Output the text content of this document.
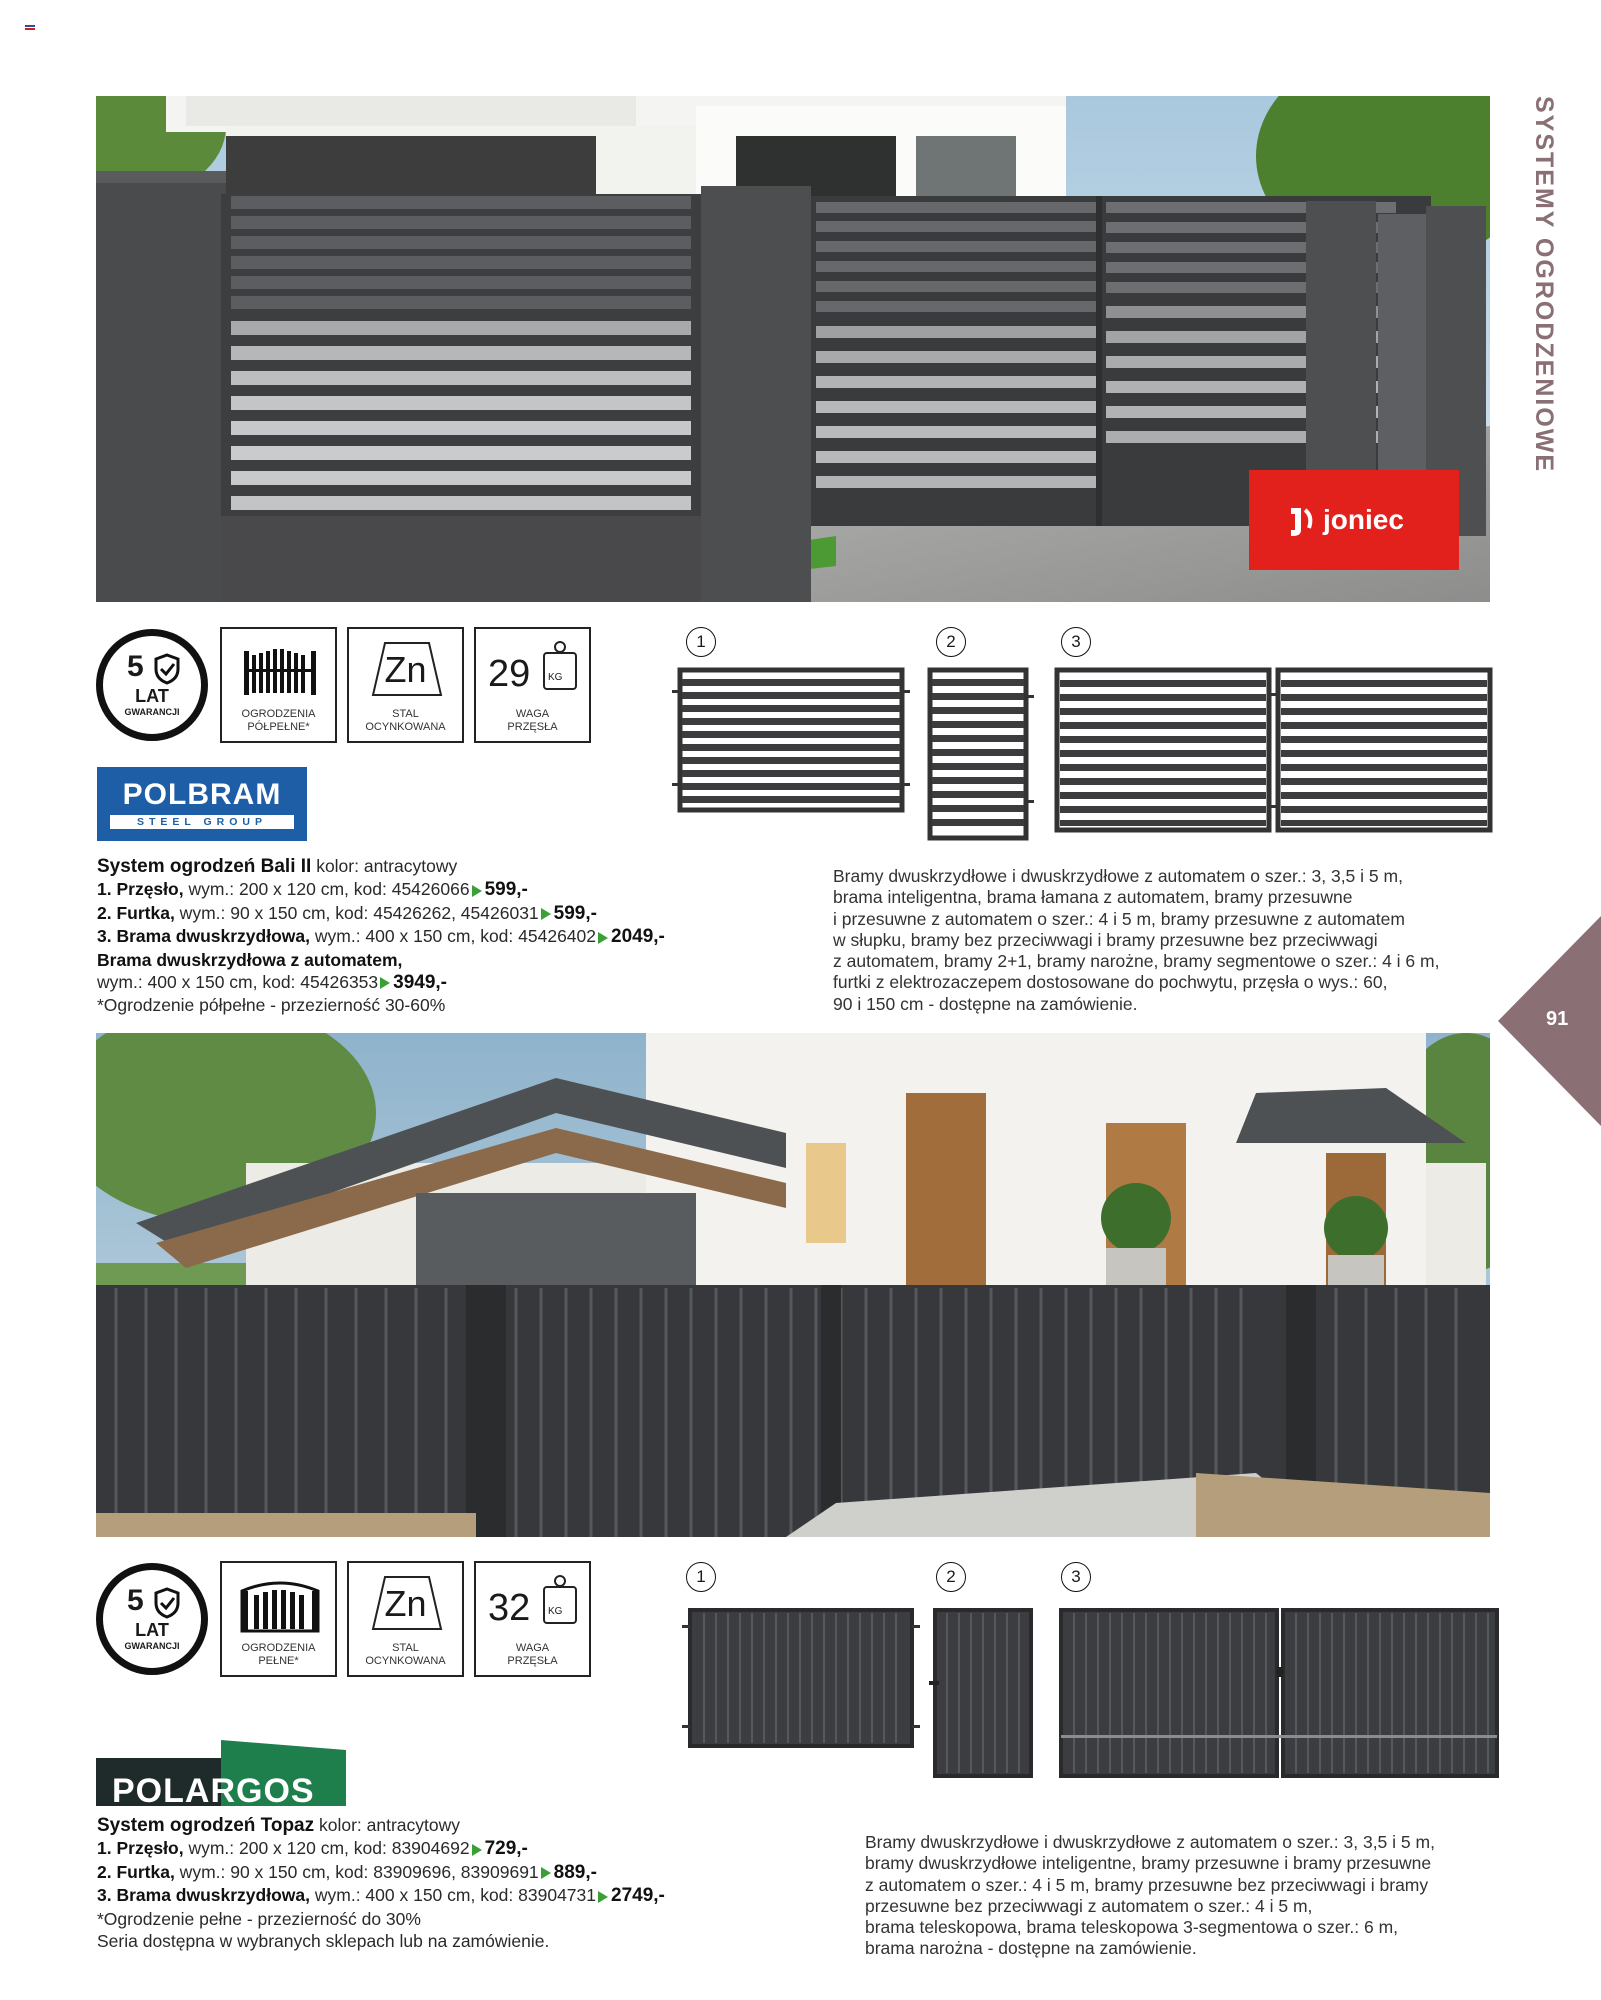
SYSTEMY OGRODZENIOWE
91
joniec
5
LAT
GWARANCJI	OGRODZENIA
PÓŁPEŁNE*
Zn
STAL
OCYNKOWANA
29 KG
WAGA
PRZĘSŁA
POLBRAM
STEEL GROUP
System ogrodzeń Bali II kolor: antracytowy
1. Przęsło, wym.: 200 x 120 cm, kod: 45426066 599,-
2. Furtka, wym.: 90 x 150 cm, kod: 45426262, 45426031 599,-
3. Brama dwuskrzydłowa, wym.: 400 x 150 cm, kod: 45426402 2049,-
Brama dwuskrzydłowa z automatem,
wym.: 400 x 150 cm, kod: 45426353 3949,-
*Ogrodzenie półpełne - przezierność 30-60%
1	2	3
Bramy dwuskrzydłowe i dwuskrzydłowe z automatem o szer.: 3, 3,5 i 5 m,
brama inteligentna, brama łamana z automatem, bramy przesuwne
i przesuwne z automatem o szer.: 4 i 5 m, bramy przesuwne z automatem
w słupku, bramy bez przeciwwagi i bramy przesuwne bez przeciwwagi
z automatem, bramy 2+1, bramy narożne, bramy segmentowe o szer.: 4 i 6 m,
furtki z elektrozaczepem dostosowane do pochwytu, przęsła o wys.: 60,
90 i 150 cm - dostępne na zamówienie.
5
LAT
GWARANCJI	OGRODZENIA
PEŁNE*
Zn
STAL
OCYNKOWANA
32 KG
WAGA
PRZĘSŁA
POLARGOS
System ogrodzeń Topaz kolor: antracytowy
1. Przęsło, wym.: 200 x 120 cm, kod: 83904692 729,-
2. Furtka, wym.: 90 x 150 cm, kod: 83909696, 83909691 889,-
3. Brama dwuskrzydłowa, wym.: 400 x 150 cm, kod: 83904731 2749,-
*Ogrodzenie pełne - przezierność do 30%
Seria dostępna w wybranych sklepach lub na zamówienie.
1	2	3
Bramy dwuskrzydłowe i dwuskrzydłowe z automatem o szer.: 3, 3,5 i 5 m,
bramy dwuskrzydłowe inteligentne, bramy przesuwne i bramy przesuwne
z automatem o szer.: 4 i 5 m, bramy przesuwne bez przeciwwagi i bramy
przesuwne bez przeciwwagi z automatem o szer.: 4 i 5 m,
brama teleskopowa, brama teleskopowa 3-segmentowa o szer.: 6 m,
brama narożna - dostępne na zamówienie.
